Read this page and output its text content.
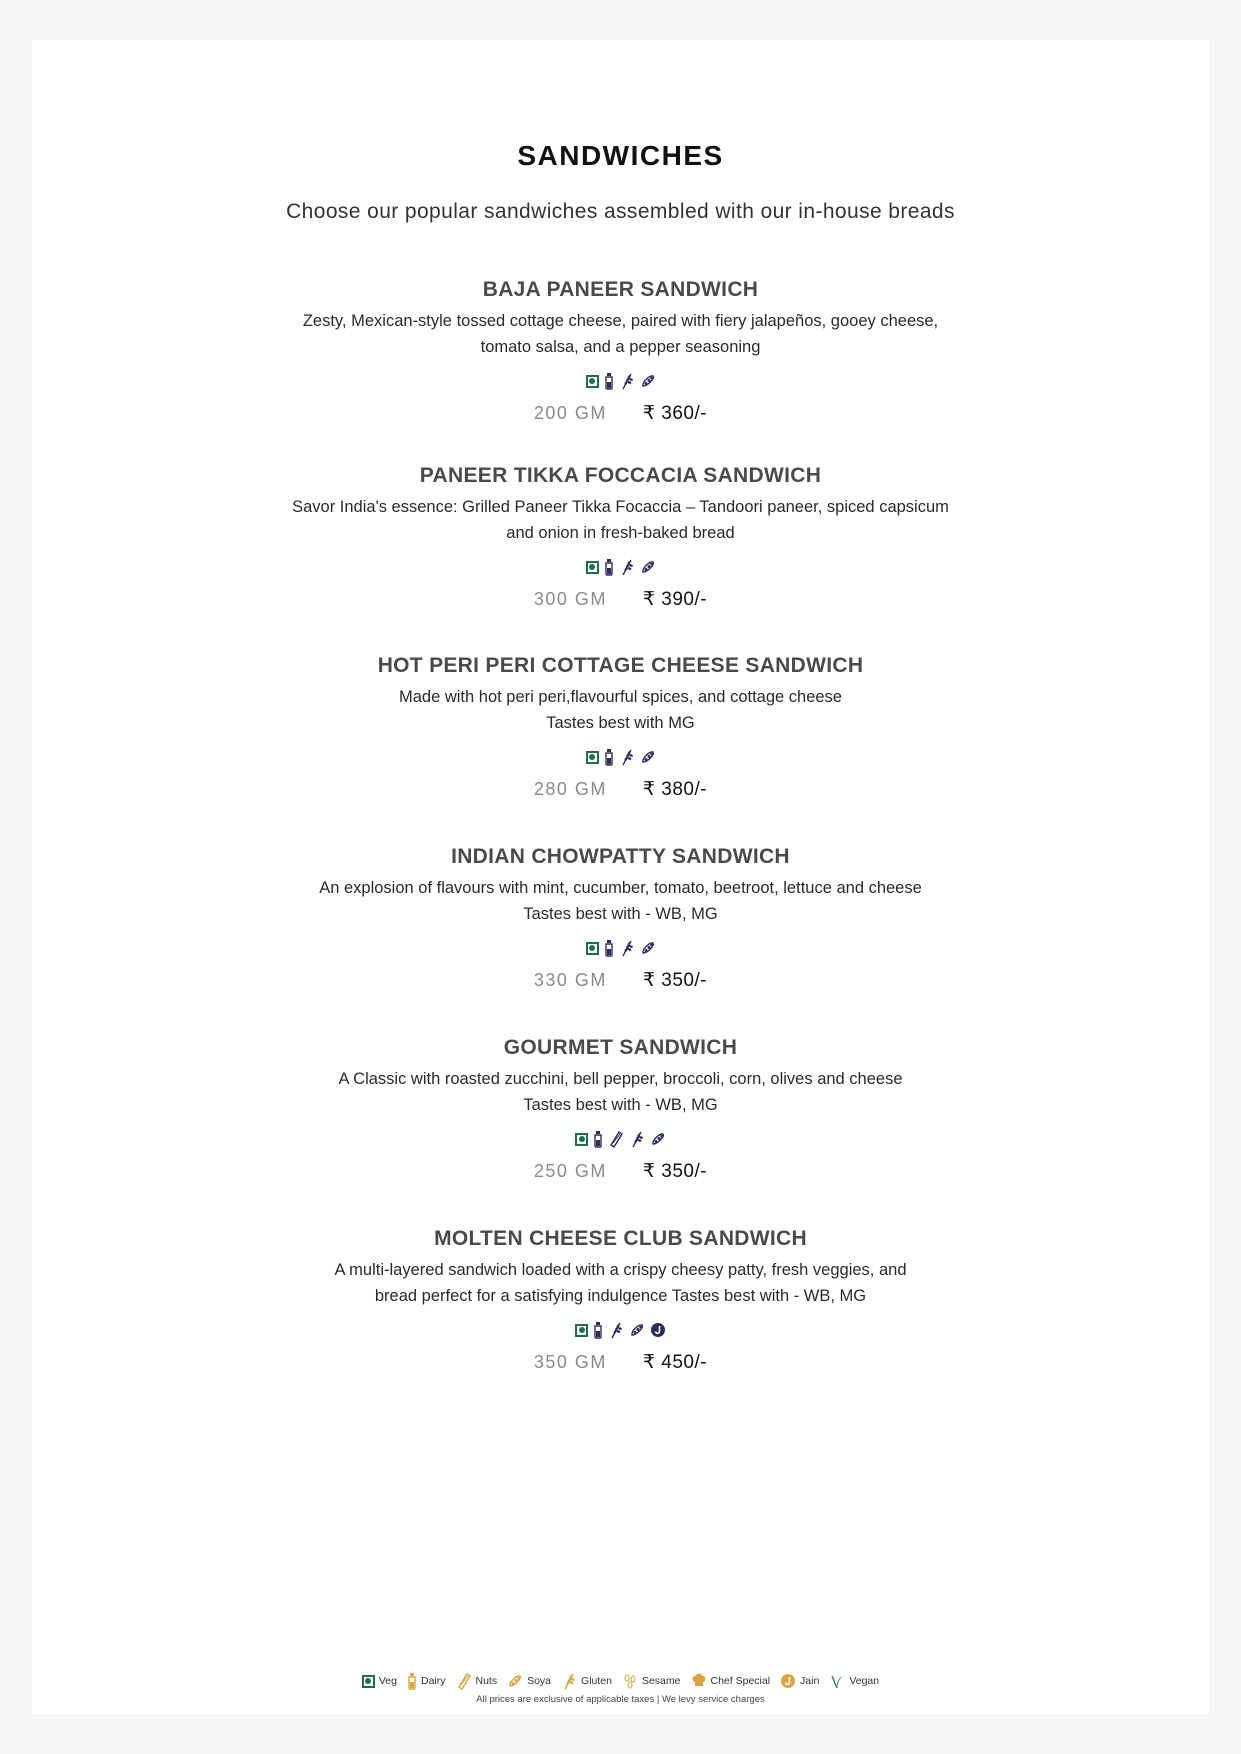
SANDWICHES
Choose our popular sandwiches assembled with our in-house breads
BAJA PANEER SANDWICH
Zesty, Mexican-style tossed cottage cheese, paired with fiery jalapeños, gooey cheese,
tomato salsa, and a pepper seasoning
200 GM ₹ 360/-
PANEER TIKKA FOCCACIA SANDWICH
Savor India's essence: Grilled Paneer Tikka Focaccia – Tandoori paneer, spiced capsicum
and onion in fresh-baked bread
300 GM ₹ 390/-
HOT PERI PERI COTTAGE CHEESE SANDWICH
Made with hot peri peri,flavourful spices, and cottage cheese
Tastes best with MG
280 GM ₹ 380/-
INDIAN CHOWPATTY SANDWICH
An explosion of flavours with mint, cucumber, tomato, beetroot, lettuce and cheese
Tastes best with - WB, MG
330 GM ₹ 350/-
GOURMET SANDWICH
A Classic with roasted zucchini, bell pepper, broccoli, corn, olives and cheese
Tastes best with - WB, MG
250 GM ₹ 350/-
MOLTEN CHEESE CLUB SANDWICH
A multi-layered sandwich loaded with a crispy cheesy patty, fresh veggies, and
bread perfect for a satisfying indulgence Tastes best with - WB, MG
350 GM ₹ 450/-
Veg Dairy	Nuts	Soya	Gluten	Sesame	Chef Special	Jain	Vegan
All prices are exclusive of applicable taxes | We levy service charges
